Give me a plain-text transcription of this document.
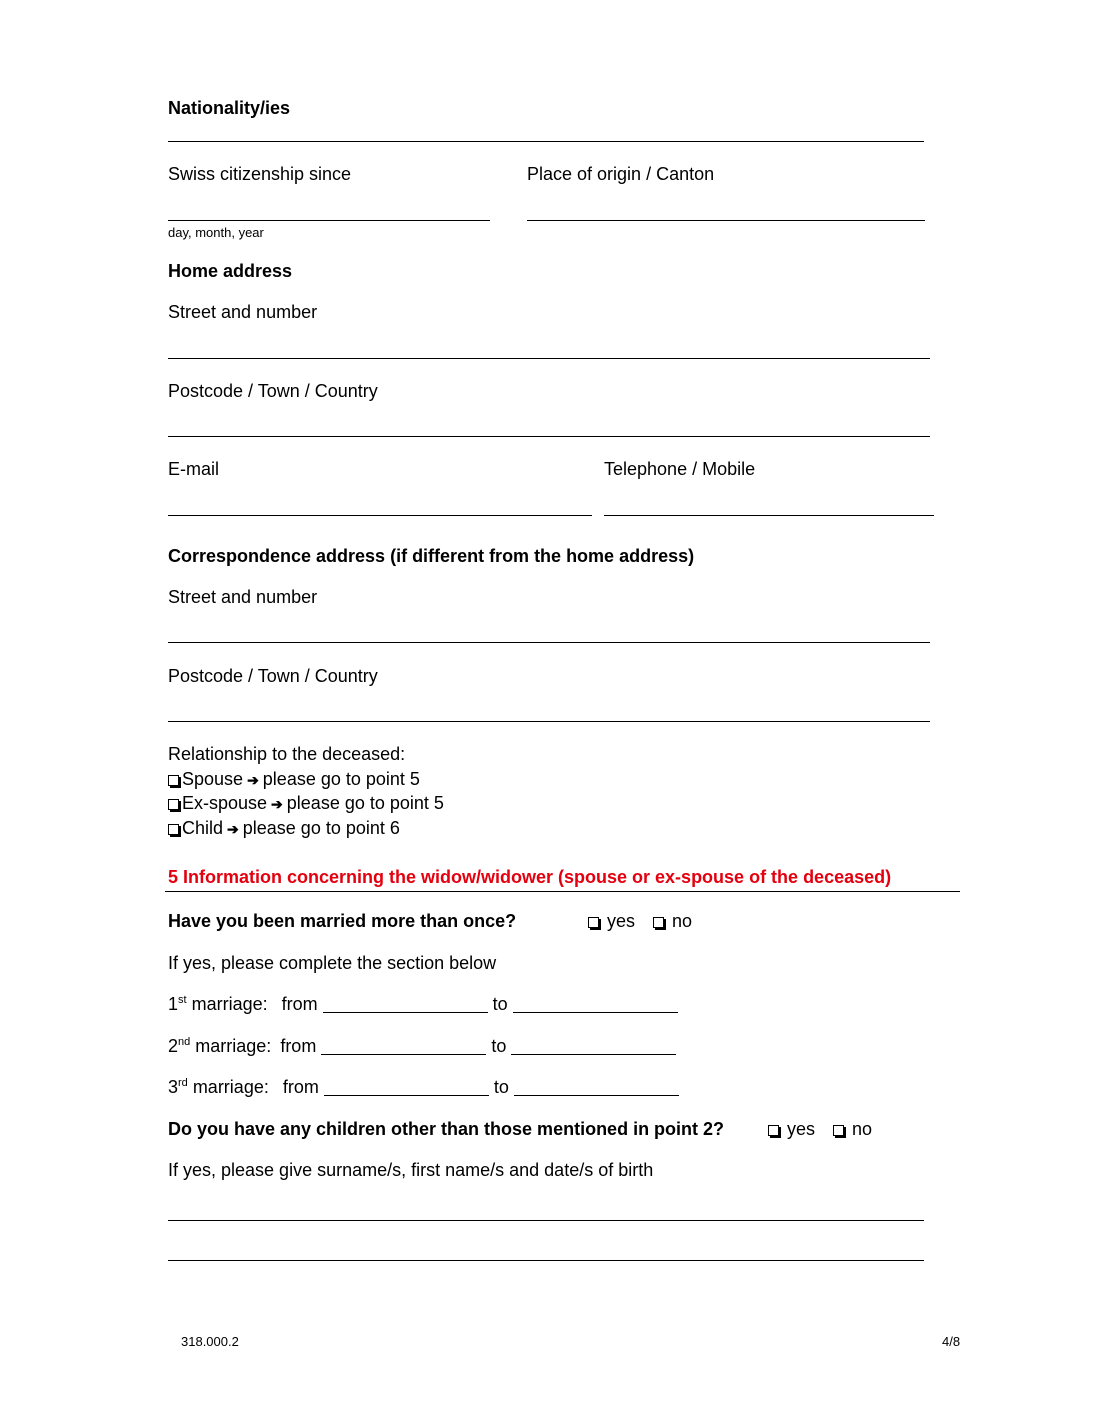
Nationality/ies
Swiss citizenship since	Place of origin / Canton
day, month, year
Home address
Street and number
Postcode / Town / Country
E-mail	Telephone / Mobile
Correspondence address (if different from the home address)
Street and number
Postcode / Town / Country
Relationship to the deceased:
Spouse ➔ please go to point 5
Ex-spouse ➔ please go to point 5
Child ➔ please go to point 6
5 Information concerning the widow/widower (spouse or ex-spouse of the deceased)
Have you been married more than once?	yes no
If yes, please complete the section below
1st marriage: from	to
2nd marriage: from	to
3rd marriage: from	to
Do you have any children other than those mentioned in point 2?	yes no
If yes, please give surname/s, first name/s and date/s of birth
318.000.2	4/8
